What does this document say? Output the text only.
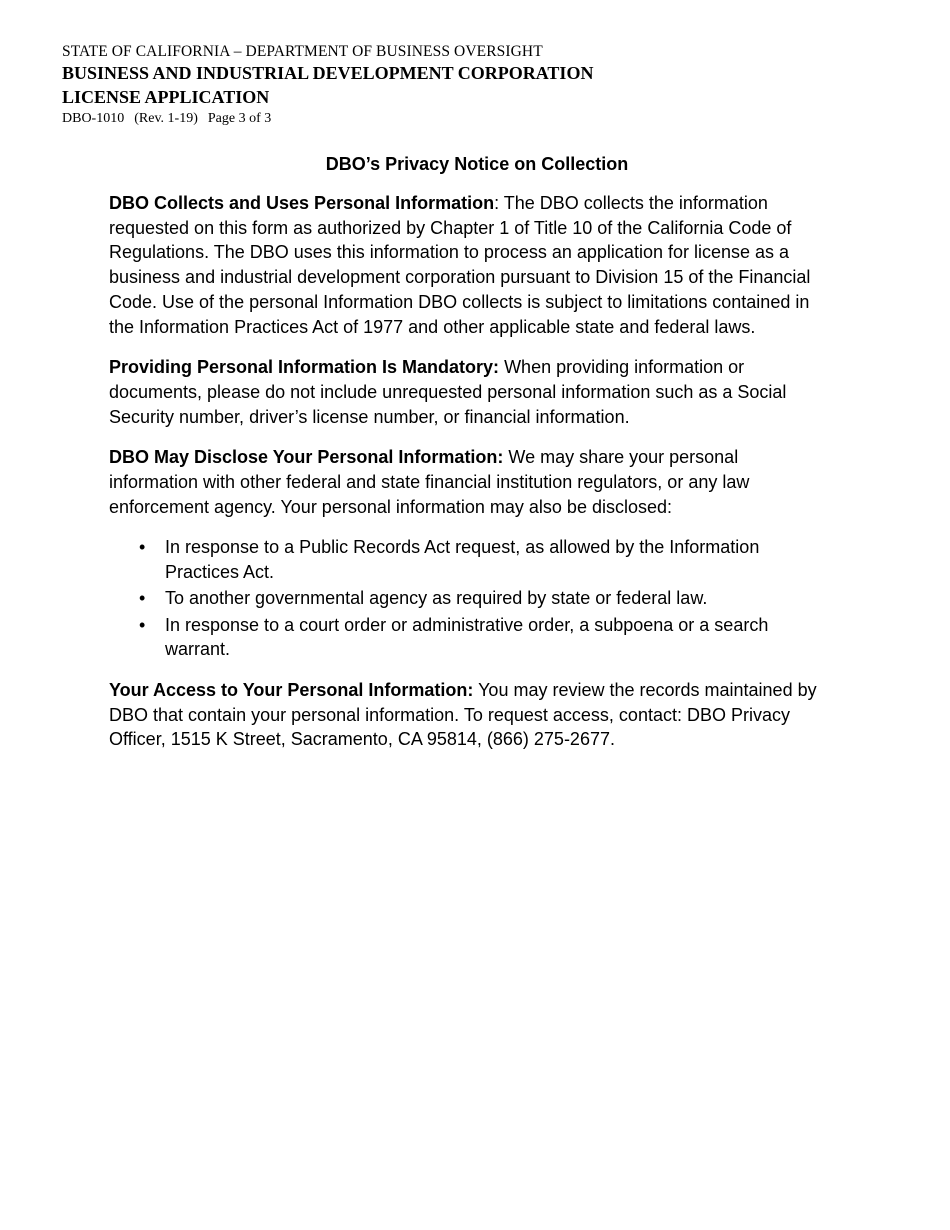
STATE OF CALIFORNIA – DEPARTMENT OF BUSINESS OVERSIGHT
BUSINESS AND INDUSTRIAL DEVELOPMENT CORPORATION
LICENSE APPLICATION
DBO-1010 (Rev. 1-19) Page 3 of 3
DBO’s Privacy Notice on Collection

DBO Collects and Uses Personal Information: The DBO collects the information requested on this form as authorized by Chapter 1 of Title 10 of the California Code of Regulations. The DBO uses this information to process an application for license as a business and industrial development corporation pursuant to Division 15 of the Financial Code. Use of the personal Information DBO collects is subject to limitations contained in the Information Practices Act of 1977 and other applicable state and federal laws.

Providing Personal Information Is Mandatory: When providing information or documents, please do not include unrequested personal information such as a Social Security number, driver’s license number, or financial information.

DBO May Disclose Your Personal Information: We may share your personal information with other federal and state financial institution regulators, or any law enforcement agency. Your personal information may also be disclosed:

• In response to a Public Records Act request, as allowed by the Information Practices Act.
• To another governmental agency as required by state or federal law.
• In response to a court order or administrative order, a subpoena or a search warrant.

Your Access to Your Personal Information: You may review the records maintained by DBO that contain your personal information. To request access, contact: DBO Privacy Officer, 1515 K Street, Sacramento, CA 95814, (866) 275-2677.
